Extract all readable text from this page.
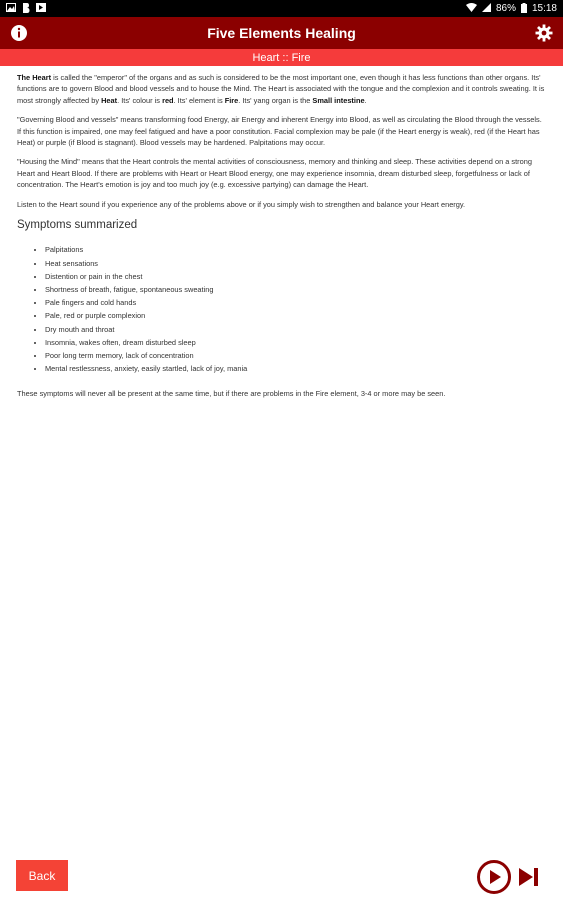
86% 15:18
Five Elements Healing
Heart :: Fire

The Heart is called the "emperor" of the organs and as such is considered to be the most important one, even though it has less functions than other organs. Its' functions are to govern Blood and blood vessels and to house the Mind. The Heart is associated with the tongue and the complexion and it controls sweating. It is most strongly affected by Heat. Its' colour is red. Its' element is Fire. Its' yang organ is the Small intestine.

"Governing Blood and vessels" means transforming food Energy, air Energy and inherent Energy into Blood, as well as circulating the Blood through the vessels. If this function is impaired, one may feel fatigued and have a poor constitution. Facial complexion may be pale (if the Heart energy is weak), red (if the Heart has Heat) or purple (if Blood is stagnant). Blood vessels may be hardened. Palpitations may occur.

"Housing the Mind" means that the Heart controls the mental activities of consciousness, memory and thinking and sleep. These activities depend on a strong Heart and Heart Blood. If there are problems with Heart or Heart Blood energy, one may experience insomnia, dream disturbed sleep, forgetfulness or lack of concentration. The Heart's emotion is joy and too much joy (e.g. excessive partying) can damage the Heart.

Listen to the Heart sound if you experience any of the problems above or if you simply wish to strengthen and balance your Heart energy.

Symptoms summarized
• Palpitations
• Heat sensations
• Distention or pain in the chest
• Shortness of breath, fatigue, spontaneous sweating
• Pale fingers and cold hands
• Pale, red or purple complexion
• Dry mouth and throat
• Insomnia, wakes often, dream disturbed sleep
• Poor long term memory, lack of concentration
• Mental restlessness, anxiety, easily startled, lack of joy, mania

These symptoms will never all be present at the same time, but if there are problems in the Fire element, 3-4 or more may be seen.

Back
